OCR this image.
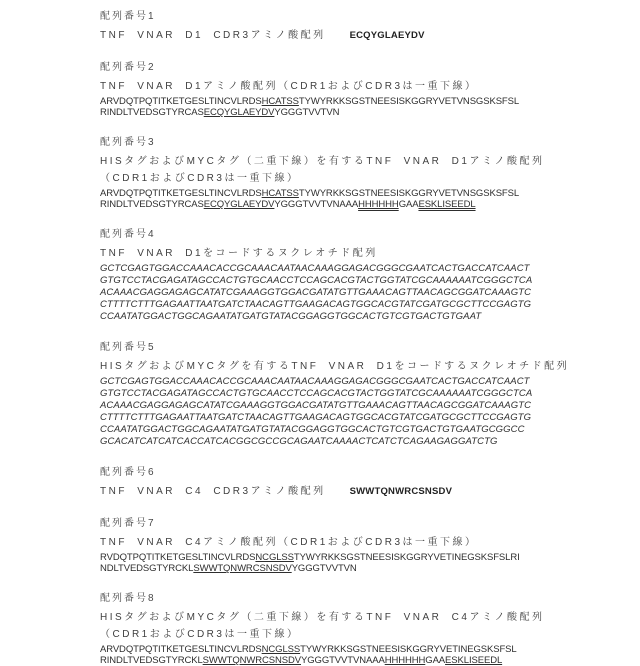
配列番号1
TNF VNAR D1 CDR3アミノ酸配列	ECQYGLAEYDV
配列番号2
TNF VNAR D1アミノ酸配列（CDR1およびCDR3は一重下線）
ARVDQTPQTITKETGESLTINCVLRDSHCATSSTYWYRKKSGSTNEESISKGGRYVETVNSGSKSFSL
RINDLTVEDSGTYRCASECQYGLAEYDVYGGGTVVTVN
配列番号3
HISタグおよびMYCタグ（二重下線）を有するTNF VNAR D1アミノ酸配列
（CDR1およびCDR3は一重下線）
ARVDQTPQTITKETGESLTINCVLRDSHCATSSTYWYRKKSGSTNEESISKGGRYVETVNSGSKSFSL
RINDLTVEDSGTYRCASECQYGLAEYDVYGGGTVVTVNAAAHHHHHHGAAESKLISEEDL
配列番号4
TNF VNAR D1をコードするヌクレオチド配列
GCTCGAGTGGACCAAACACCGCAAACAATAACAAAGGAGACGGGCGAATCACTGACCATCAACT
GTGTCCTACGAGATAGCCACTGTGCAACCTCCAGCACGTACTGGTATCGCAAAAAATCGGGCTCA
ACAAACGAGGAGAGCATATCGAAAGGTGGACGATATGTTGAAACAGTTAACAGCGGATCAAAGTC
CTTTTCTTTGAGAATTAATGATCTAACAGTTGAAGACAGTGGCACGTATCGATGCGCTTCCGAGTG
CCAATATGGACTGGCAGAATATGATGTATACGGAGGTGGCACTGTCGTGACTGTGAAT
配列番号5
HISタグおよびMYCタグを有するTNF VNAR D1をコードするヌクレオチド配列
GCTCGAGTGGACCAAACACCGCAAACAATAACAAAGGAGACGGGCGAATCACTGACCATCAACT
GTGTCCTACGAGATAGCCACTGTGCAACCTCCAGCACGTACTGGTATCGCAAAAAATCGGGCTCA
ACAAACGAGGAGAGCATATCGAAAGGTGGACGATATGTTGAAACAGTTAACAGCGGATCAAAGTC
CTTTTCTTTGAGAATTAATGATCTAACAGTTGAAGACAGTGGCACGTATCGATGCGCTTCCGAGTG
CCAATATGGACTGGCAGAATATGATGTATACGGAGGTGGCACTGTCGTGACTGTGAATGCGGCC
GCACATCATCATCACCATCACGGCGCCGCAGAATCAAAACTCATCTCAGAAGAGGATCTG
配列番号6
TNF VNAR C4 CDR3アミノ酸配列	SWWTQNWRCSNSDV
配列番号7
TNF VNAR C4アミノ酸配列（CDR1およびCDR3は一重下線）
RVDQTPQTITKETGESLTINCVLRDSNCGLSSTYWYRKKSGSTNEESISKGGRYVETINEGSKSFSLRI
NDLTVEDSGTYRCKLSWWTQNWRCSNSDVYGGGTVVTVN
配列番号8
HISタグおよびMYCタグ（二重下線）を有するTNF VNAR C4アミノ酸配列
（CDR1およびCDR3は一重下線）
ARVDQTPQTITKETGESLTINCVLRDSNCGLSSTYWYRKKSGSTNEESISKGGRYVETINEGSKSFSL
RINDLTVEDSGTYRCKLSWWTQNWRCSNSDVYGGGTVVTVNAAAHHHHHHGAAESKLISEEDL
